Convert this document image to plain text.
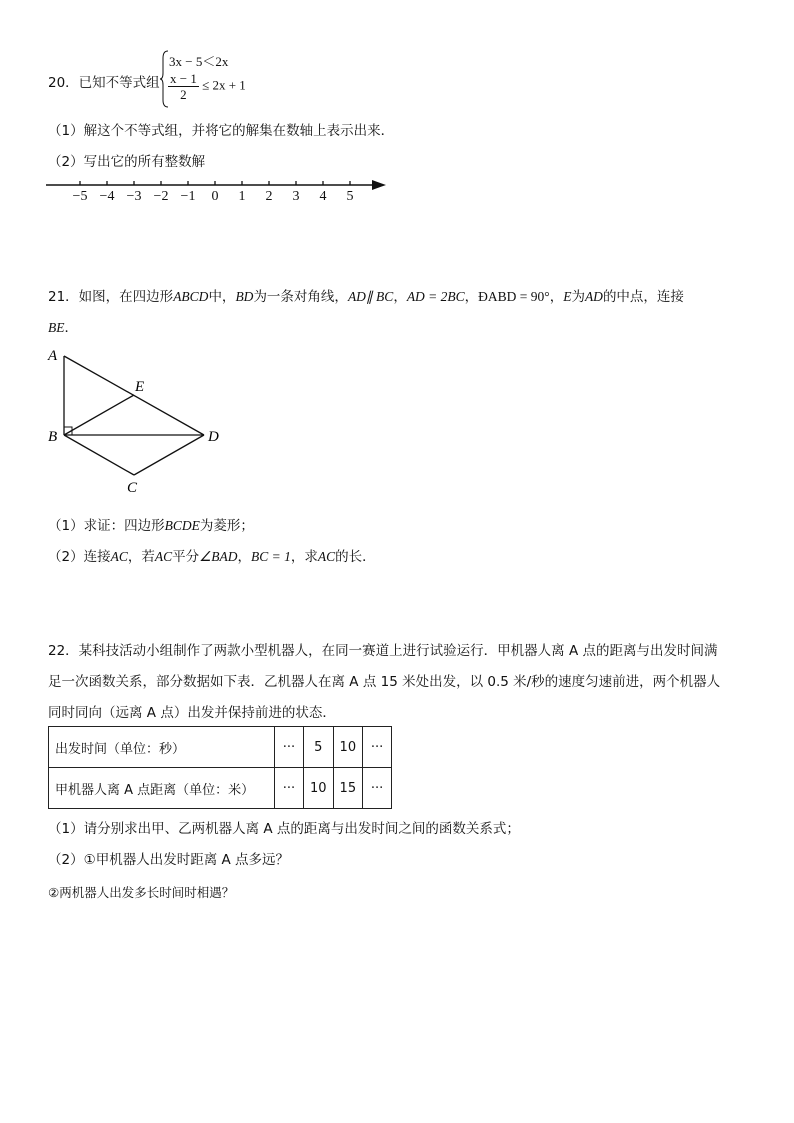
20．已知不等式组
3x − 5＜2x
$\frac{x - 1}{2} \le 2x + 1$
（1）解这个不等式组，并将它的解集在数轴上表示出来．
（2）写出它的所有整数解
−5 −4 −3 −2 −1	0	1	2	3	4	5
21．如图，在四边形ABCD中，BD为一条对角线，AD∥ BC，AD = 2BC，ÐABD = 90°，E为AD的中点，连接
BE．
A
E
B	D
C
（1）求证：四边形BCDE为菱形；
（2）连接AC，若AC平分∠BAD，BC = 1，求AC的长．
22．某科技活动小组制作了两款小型机器人，在同一赛道上进行试验运行．甲机器人离 A 点的距离与出发时间满
足一次函数关系，部分数据如下表．乙机器人在离 A 点 15 米处出发，以 0.5 米/秒的速度匀速前进，两个机器人
同时同向（远离 A 点）出发并保持前进的状态．
出发时间（单位：秒）	···	5	10	···
甲机器人离 A 点距离（单位：米）	···	10	15	···
（1）请分别求出甲、乙两机器人离 A 点的距离与出发时间之间的函数关系式；
（2）①甲机器人出发时距离 A 点多远？
②两机器人出发多长时间时相遇？
